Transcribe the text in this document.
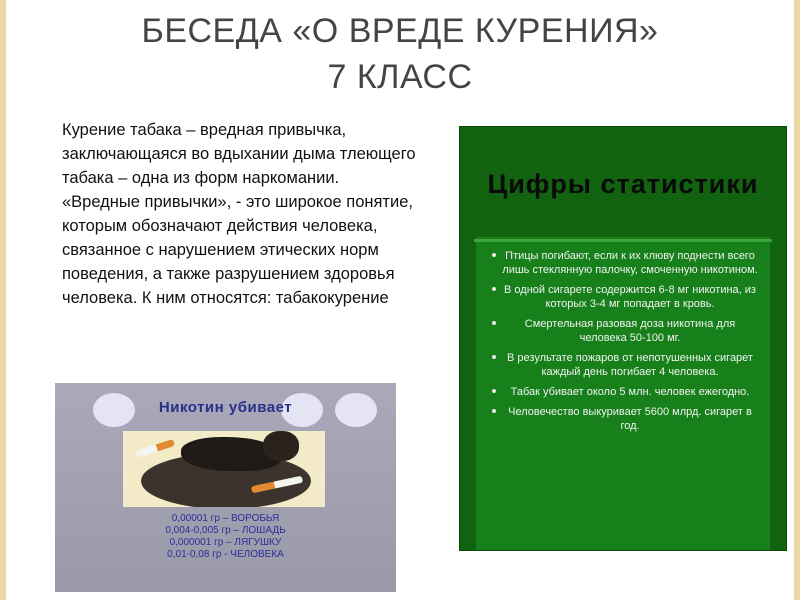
БЕСЕДА «О ВРЕДЕ КУРЕНИЯ»
7 КЛАСС

Курение табака – вредная привычка, заключающаяся во вдыхании дыма тлеющего табака – одна из форм наркомании.

«Вредные привычки», - это широкое понятие, которым обозначают действия человека, связанное с нарушением этических норм поведения, а также разрушением здоровья человека. К ним относятся: табакокурение

Никотин убивает
0,00001 гр – ВОРОБЬЯ
0,004-0,005 гр – ЛОШАДЬ
0,000001 гр – ЛЯГУШКУ
0,01-0,08 гр - ЧЕЛОВЕКА
Цифры статистики
Птицы погибают, если к их клюву поднести всего лишь стеклянную палочку, смоченную никотином.
В одной сигарете содержится 6-8 мг никотина, из которых 3-4 мг попадает в кровь.
Смертельная разовая доза никотина для человека 50-100 мг.
В результате пожаров от непотушенных сигарет каждый день погибает 4 человека.
Табак убивает около 5 млн. человек ежегодно.
Человечество выкуривает 5600 млрд. сигарет в год.
